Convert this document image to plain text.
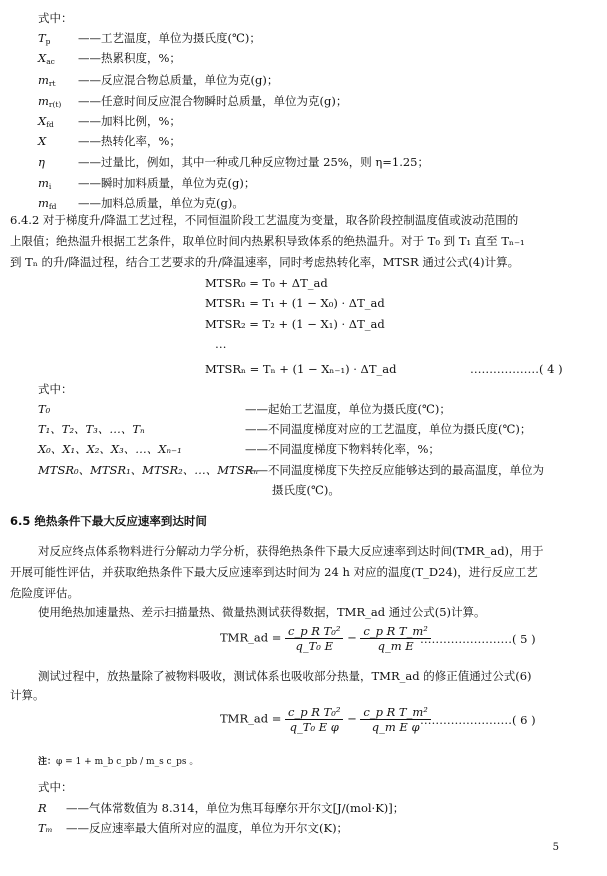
式中：
$T_p$	——工艺温度，单位为摄氏度(℃)；
$X_{ac}$	——热累积度，%；
$m_{rt}$	——反应混合物总质量，单位为克(g)；
$m_{r(t)}$	——任意时间反应混合物瞬时总质量，单位为克(g)；
$X_{fd}$	——加料比例，%；
X	——热转化率，%；
η	——过量比，例如，其中一种或几种反应物过量 25%，则 η=1.25；
$m_i$	——瞬时加料质量，单位为克(g)；
$m_{fd}$	——加料总质量，单位为克(g)。
6.4.2 对于梯度升/降温工艺过程，不同恒温阶段工艺温度为变量，取各阶段控制温度值或波动范围的
上限值；绝热温升根据工艺条件，取单位时间内热累积导致体系的绝热温升。对于 T₀ 到 T₁ 直至 Tₙ₋₁
到 Tₙ 的升/降温过程，结合工艺要求的升/降温速率，同时考虑热转化率，MTSR 通过公式(4)计算。
MTSR₀ = T₀ + ΔT_ad
MTSR₁ = T₁ + (1 − X₀) · ΔT_ad
MTSR₂ = T₂ + (1 − X₁) · ΔT_ad
…
MTSRₙ = Tₙ + (1 − Xₙ₋₁) · ΔT_ad	………………( 4 )
式中：
T₀	——起始工艺温度，单位为摄氏度(℃)；
T₁、T₂、T₃、…、Tₙ	——不同温度梯度对应的工艺温度，单位为摄氏度(℃)；
X₀、X₁、X₂、X₃、…、Xₙ₋₁	——不同温度梯度下物料转化率，%；
MTSR₀、MTSR₁、MTSR₂、…、MTSRₙ
——不同温度梯度下失控反应能够达到的最高温度，单位为
摄氏度(℃)。
6.5 绝热条件下最大反应速率到达时间
对反应终点体系物料进行分解动力学分析，获得绝热条件下最大反应速率到达时间(TMR_ad)，用于
开展可能性评估，并获取绝热条件下最大反应速率到达时间为 24 h 对应的温度(T_D24)，进行反应工艺
危险度评估。
使用绝热加速量热、差示扫描量热、微量热测试获得数据，TMR_ad 通过公式(5)计算。
TMR_ad = $\frac{\text{c\_p R T₀²}}{\text{q\_T₀ E}} - \frac{\text{c\_p R T\_m²}}{\text{q\_m E}}$
……………………( 5 )
测试过程中，放热量除了被物料吸收，测试体系也吸收部分热量，TMR_ad 的修正值通过公式(6)
计算。
TMR_ad = $\frac{\text{c\_p R T₀²}}{\text{q\_T₀ E φ}} - \frac{\text{c\_p R T\_m²}}{\text{q\_m E φ}}$
……………………( 6 )
注：φ = 1 + m_b c_pb / m_s c_ps 。
式中：
R ——气体常数值为 8.314，单位为焦耳每摩尔开尔文[J/(mol·K)]；
Tₘ ——反应速率最大值所对应的温度，单位为开尔文(K)；
5
